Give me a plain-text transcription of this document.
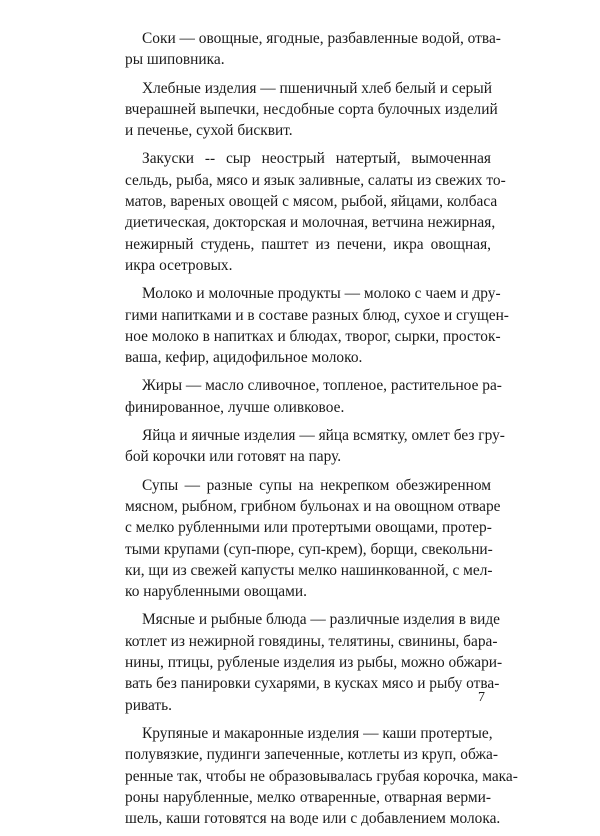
Соки — овощные, ягодные, разбавленные водой, отва-
ры шиповника.
Хлебные изделия — пшеничный хлеб белый и серый
вчерашней выпечки, несдобные сорта булочных изделий
и печенье, сухой бисквит.
Закуски -- сыр неострый натертый, вымоченная
сельдь, рыба, мясо и язык заливные, салаты из свежих то-
матов, вареных овощей с мясом, рыбой, яйцами, колбаса
диетическая, докторская и молочная, ветчина нежирная,
нежирный студень, паштет из печени, икра овощная,
икра осетровых.
Молоко и молочные продукты — молоко с чаем и дру-
гими напитками и в составе разных блюд, сухое и сгущен-
ное молоко в напитках и блюдах, творог, сырки, просток-
ваша, кефир, ацидофильное молоко.
Жиры — масло сливочное, топленое, растительное ра-
финированное, лучше оливковое.
Яйца и яичные изделия — яйца всмятку, омлет без гру-
бой корочки или готовят на пару.
Супы — разные супы на некрепком обезжиренном
мясном, рыбном, грибном бульонах и на овощном отваре
с мелко рубленными или протертыми овощами, протер-
тыми крупами (суп-пюре, суп-крем), борщи, свекольни-
ки, щи из свежей капусты мелко нашинкованной, с мел-
ко нарубленными овощами.
Мясные и рыбные блюда — различные изделия в виде
котлет из нежирной говядины, телятины, свинины, бара-
нины, птицы, рубленые изделия из рыбы, можно обжари-
вать без панировки сухарями, в кусках мясо и рыбу отва-
ривать.
Крупяные и макаронные изделия — каши протертые,
полувязкие, пудинги запеченные, котлеты из круп, обжа-
ренные так, чтобы не образовывалась грубая корочка, мака-
роны нарубленные, мелко отваренные, отварная верми-
шель, каши готовятся на воде или с добавлением молока.
7
